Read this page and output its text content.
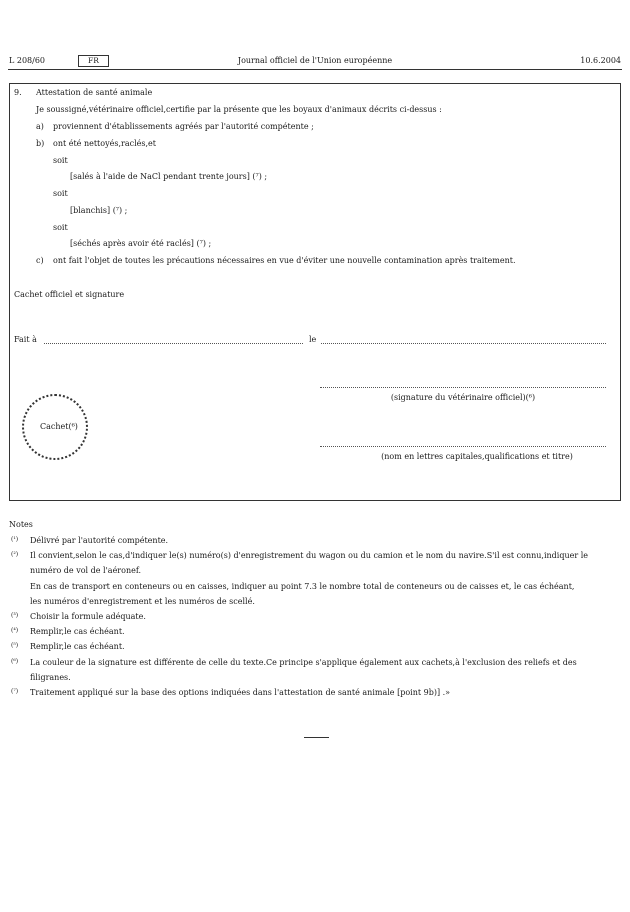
L 208/60	FR	Journal officiel de l'Union européenne	10.6.2004
9. Attestation de santé animale
Je soussigné,vétérinaire officiel,certifie par la présente que les boyaux d'animaux décrits ci-dessus :
a) proviennent d'établissements agréés par l'autorité compétente ;
b) ont été nettoyés,raclés,et
soit
[salés à l'aide de NaCl pendant trente jours] (⁷) ;
soit
[blanchis] (⁷) ;
soit
[séchés après avoir été raclés] (⁷) ;
c) ont fait l'objet de toutes les précautions nécessaires en vue d'éviter une nouvelle contamination après traitement.
Cachet officiel et signature
Fait à	le
(signature du vétérinaire officiel)(⁶)
Cachet(⁶)
(nom en lettres capitales,qualifications et titre)
Notes
(¹) Délivré par l'autorité compétente.
(²) Il convient,selon le cas,d'indiquer le(s) numéro(s) d'enregistrement du wagon ou du camion et le nom du navire.S'il est connu,indiquer le
numéro de vol de l'aéronef.
En cas de transport en conteneurs ou en caisses, indiquer au point 7.3 le nombre total de conteneurs ou de caisses et, le cas échéant,
les numéros d'enregistrement et les numéros de scellé.
(³) Choisir la formule adéquate.
(⁴) Remplir,le cas échéant.
(⁵) Remplir,le cas échéant.
(⁶) La couleur de la signature est différente de celle du texte.Ce principe s'applique également aux cachets,à l'exclusion des reliefs et des
filigranes.
(⁷) Traitement appliqué sur la base des options indiquées dans l'attestation de santé animale [point 9b)] .»
